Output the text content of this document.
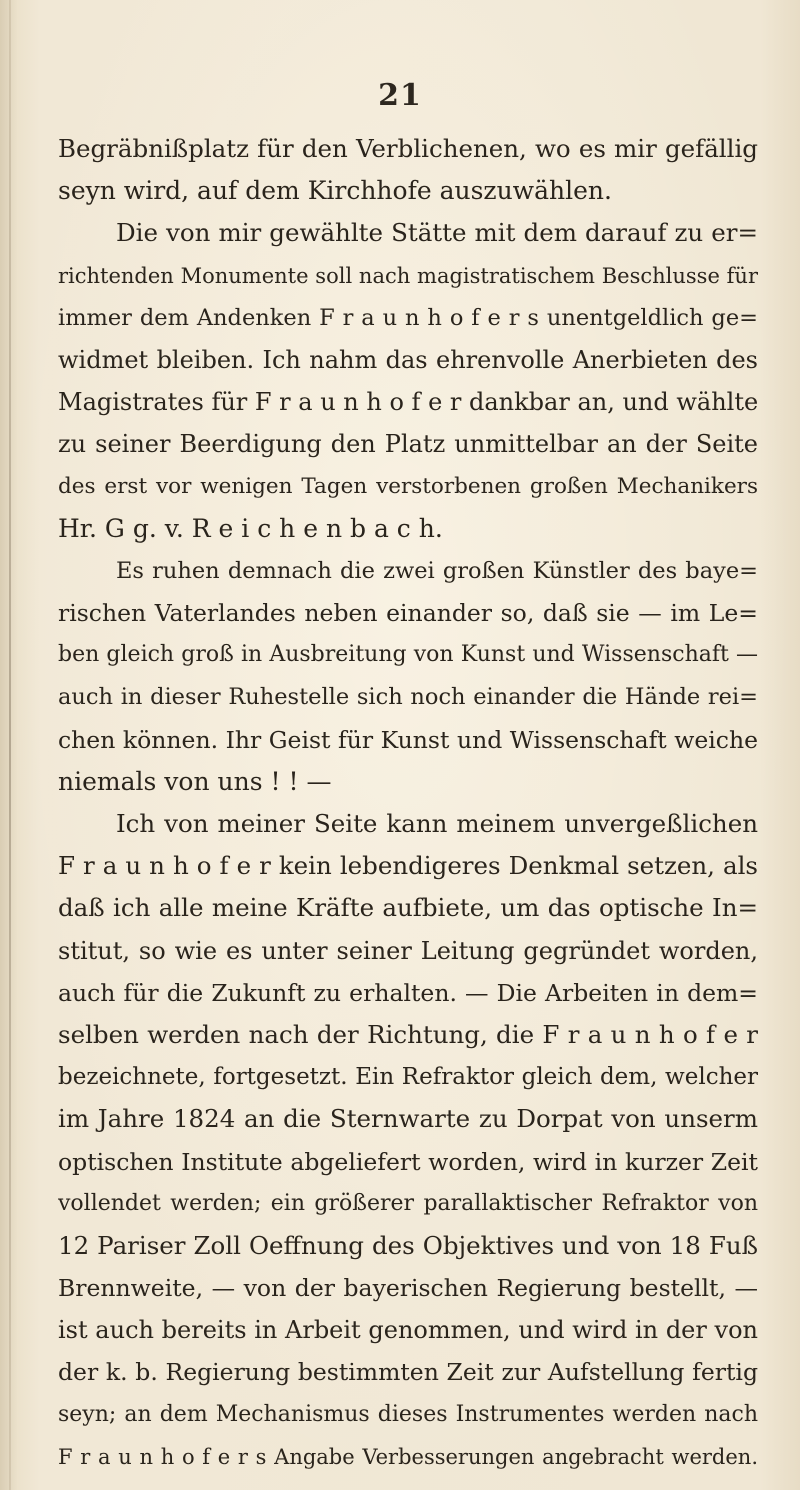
21
Begräbnißplatz für den Verblichenen, wo es mir gefällig
seyn wird, auf dem Kirchhofe auszuwählen.
Die von mir gewählte Stätte mit dem darauf zu er=
richtenden Monumente soll nach magistratischem Beschlusse für
immer dem Andenken F r a u n h o f e r s unentgeldlich ge=
widmet bleiben. Ich nahm das ehrenvolle Anerbieten des
Magistrates für F r a u n h o f e r dankbar an, und wählte
zu seiner Beerdigung den Platz unmittelbar an der Seite
des erst vor wenigen Tagen verstorbenen großen Mechanikers
Hr. G g. v. R e i c h e n b a c h.
Es ruhen demnach die zwei großen Künstler des baye=
rischen Vaterlandes neben einander so, daß sie — im Le=
ben gleich groß in Ausbreitung von Kunst und Wissenschaft —
auch in dieser Ruhestelle sich noch einander die Hände rei=
chen können. Ihr Geist für Kunst und Wissenschaft weiche
niemals von uns ! ! —
Ich von meiner Seite kann meinem unvergeßlichen
F r a u n h o f e r kein lebendigeres Denkmal setzen, als
daß ich alle meine Kräfte aufbiete, um das optische In=
stitut, so wie es unter seiner Leitung gegründet worden,
auch für die Zukunft zu erhalten. — Die Arbeiten in dem=
selben werden nach der Richtung, die F r a u n h o f e r
bezeichnete, fortgesetzt. Ein Refraktor gleich dem, welcher
im Jahre 1824 an die Sternwarte zu Dorpat von unserm
optischen Institute abgeliefert worden, wird in kurzer Zeit
vollendet werden; ein größerer parallaktischer Refraktor von
12 Pariser Zoll Oeffnung des Objektives und von 18 Fuß
Brennweite, — von der bayerischen Regierung bestellt, —
ist auch bereits in Arbeit genommen, und wird in der von
der k. b. Regierung bestimmten Zeit zur Aufstellung fertig
seyn; an dem Mechanismus dieses Instrumentes werden nach
F r a u n h o f e r s Angabe Verbesserungen angebracht werden.
